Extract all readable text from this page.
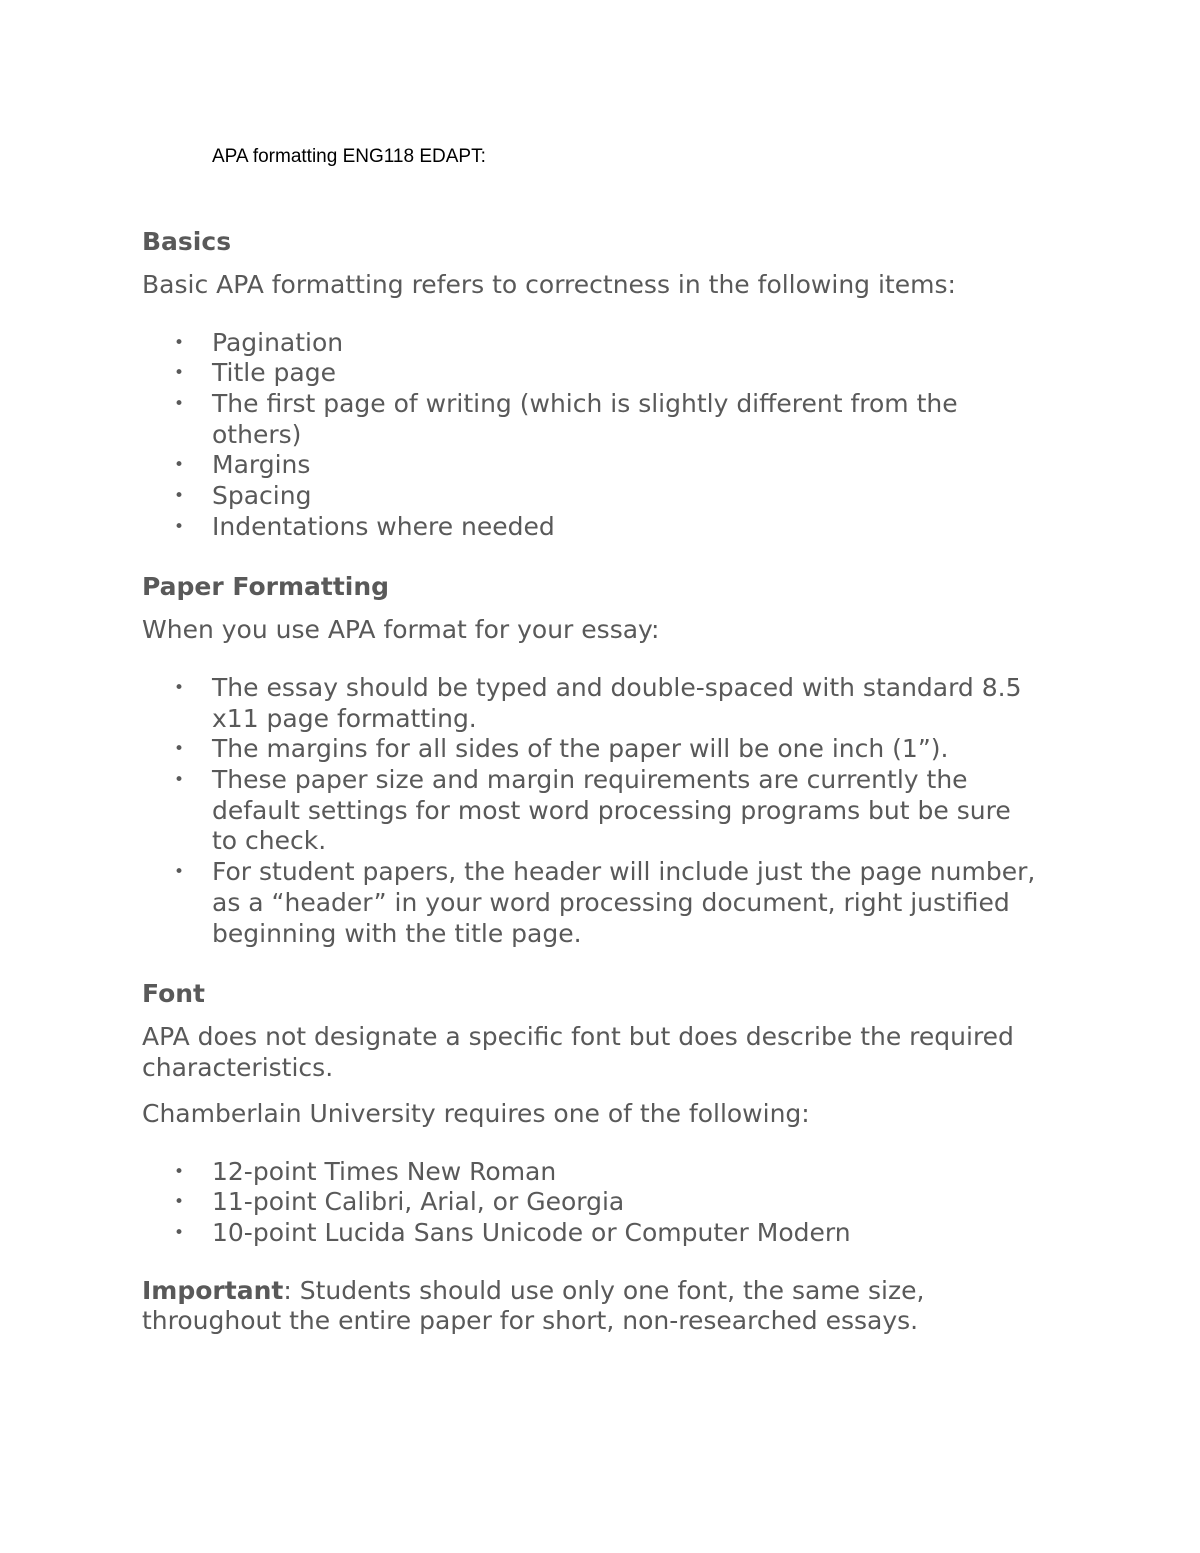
APA formatting ENG118 EDAPT:

Basics

Basic APA formatting refers to correctness in the following items:

• Pagination
• Title page
• The first page of writing (which is slightly different from the others)
• Margins
• Spacing
• Indentations where needed
Paper Formatting

When you use APA format for your essay:

• The essay should be typed and double-spaced with standard 8.5 x11 page formatting.
• The margins for all sides of the paper will be one inch (1”).
• These paper size and margin requirements are currently the default settings for most word processing programs but be sure to check.
• For student papers, the header will include just the page number, as a “header” in your word processing document, right justified beginning with the title page.
Font

APA does not designate a specific font but does describe the required characteristics.

Chamberlain University requires one of the following:

• 12-point Times New Roman
• 11-point Calibri, Arial, or Georgia
• 10-point Lucida Sans Unicode or Computer Modern

Important: Students should use only one font, the same size, throughout the entire paper for short, non-researched essays.
